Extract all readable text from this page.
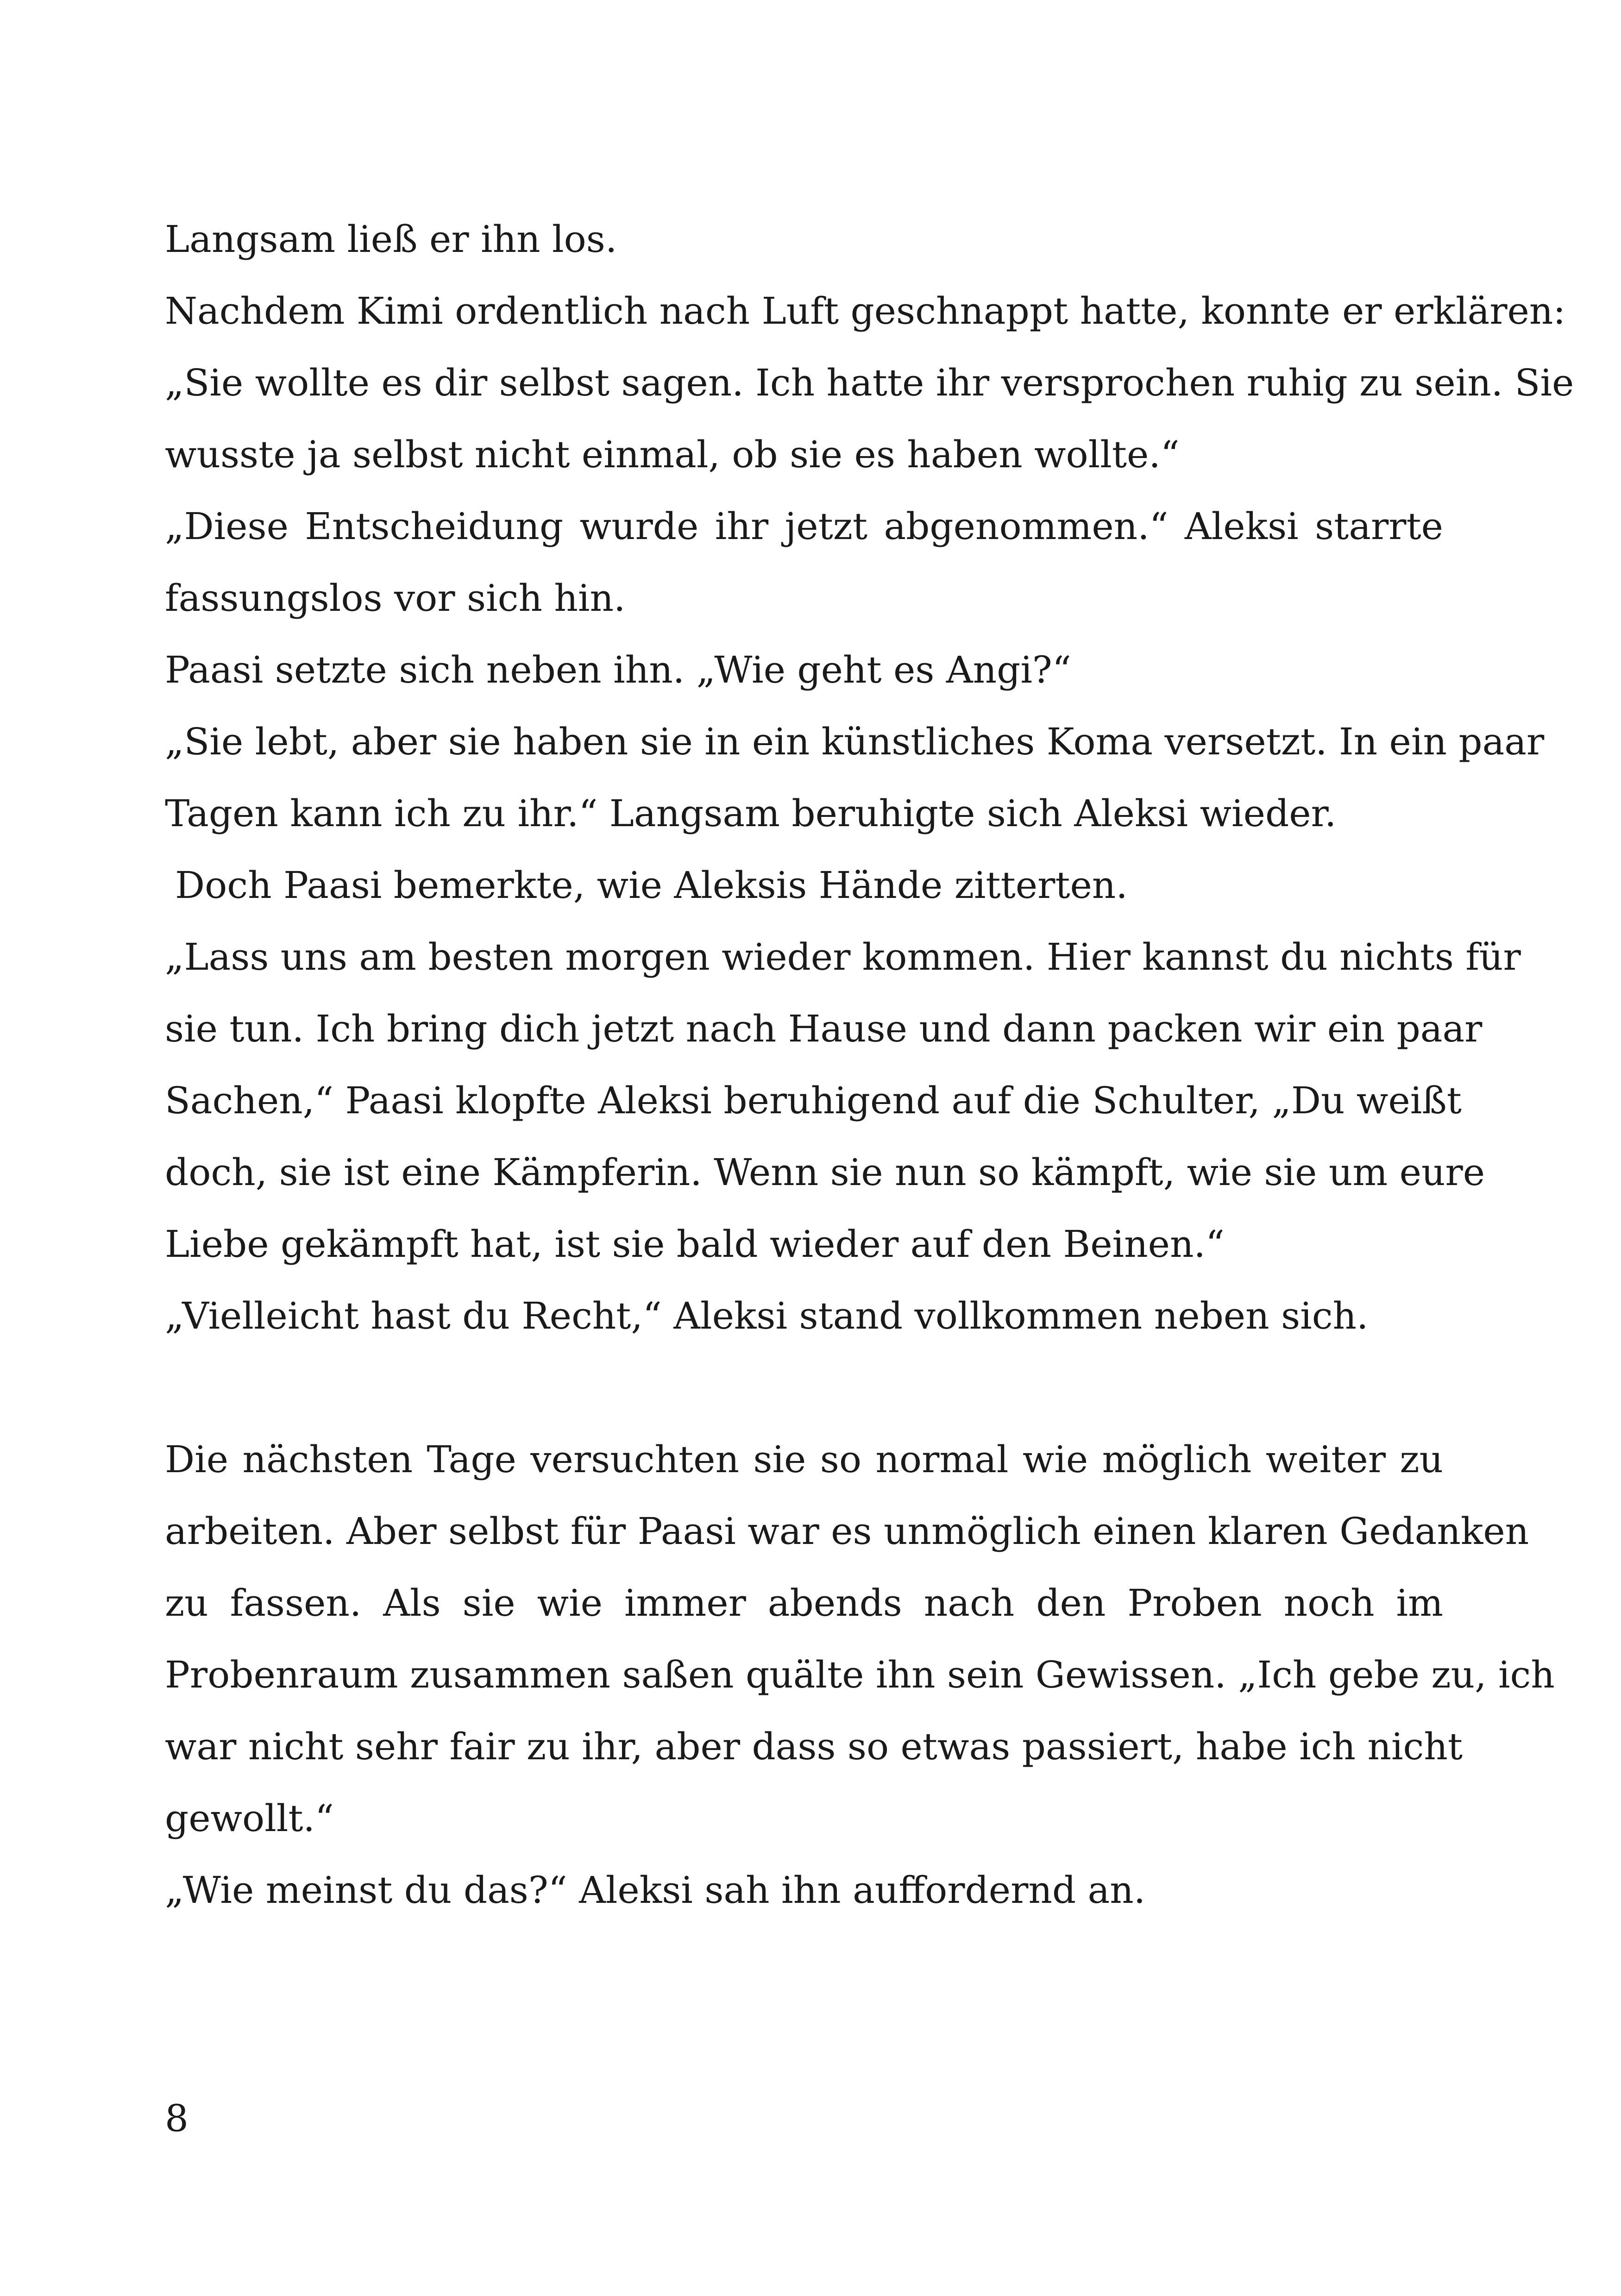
Langsam ließ er ihn los.
Nachdem Kimi ordentlich nach Luft geschnappt hatte, konnte er erklären:
„Sie wollte es dir selbst sagen. Ich hatte ihr versprochen ruhig zu sein. Sie
wusste ja selbst nicht einmal, ob sie es haben wollte.“
„Diese Entscheidung wurde ihr jetzt abgenommen.“ Aleksi starrte
fassungslos vor sich hin.
Paasi setzte sich neben ihn. „Wie geht es Angi?“
„Sie lebt, aber sie haben sie in ein künstliches Koma versetzt. In ein paar
Tagen kann ich zu ihr.“ Langsam beruhigte sich Aleksi wieder.
Doch Paasi bemerkte, wie Aleksis Hände zitterten.
„Lass uns am besten morgen wieder kommen. Hier kannst du nichts für
sie tun. Ich bring dich jetzt nach Hause und dann packen wir ein paar
Sachen,“ Paasi klopfte Aleksi beruhigend auf die Schulter, „Du weißt
doch, sie ist eine Kämpferin. Wenn sie nun so kämpft, wie sie um eure
Liebe gekämpft hat, ist sie bald wieder auf den Beinen.“
„Vielleicht hast du Recht,“ Aleksi stand vollkommen neben sich.
Die nächsten Tage versuchten sie so normal wie möglich weiter zu
arbeiten. Aber selbst für Paasi war es unmöglich einen klaren Gedanken
zu fassen. Als sie wie immer abends nach den Proben noch im
Probenraum zusammen saßen quälte ihn sein Gewissen. „Ich gebe zu, ich
war nicht sehr fair zu ihr, aber dass so etwas passiert, habe ich nicht
gewollt.“
„Wie meinst du das?“ Aleksi sah ihn auffordernd an.
8
